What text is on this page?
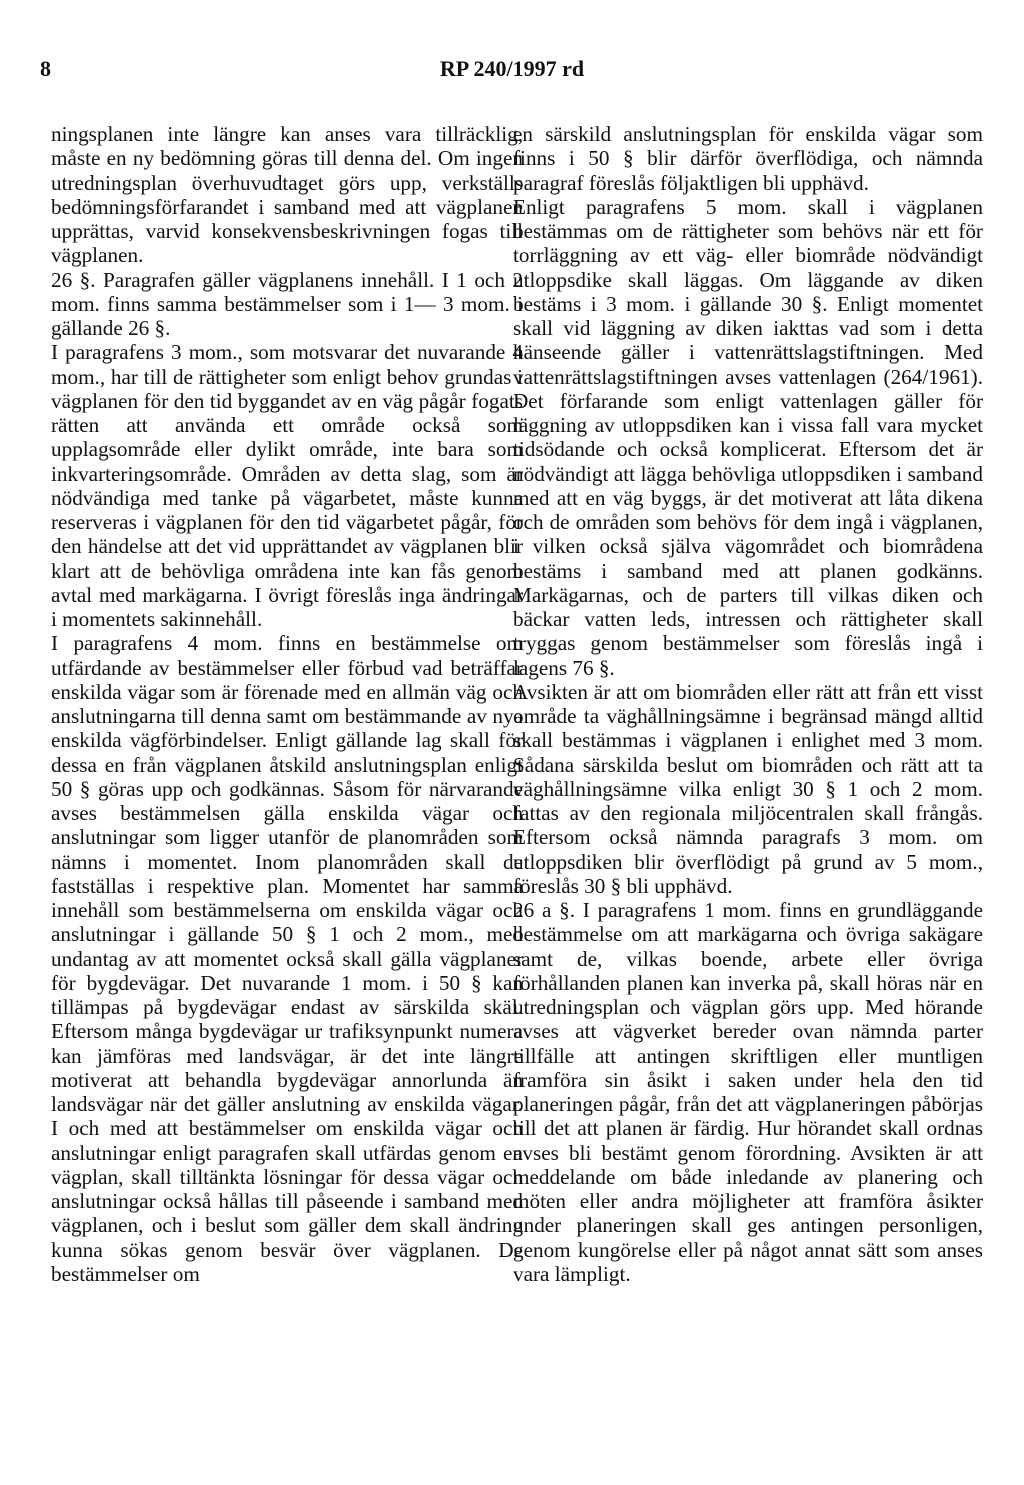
8	RP 240/1997 rd

ningsplanen inte längre kan anses vara tillräcklig, måste en ny bedömning göras till denna del. Om ingen utredningsplan överhuvudtaget görs upp, verkställs bedömningsförfarandet i samband med att vägplanen upprättas, varvid konsekvensbeskrivningen fogas till vägplanen.

26 §. Paragrafen gäller vägplanens innehåll. I 1 och 2 mom. finns samma bestämmelser som i 1— 3 mom. i gällande 26 §.

I paragrafens 3 mom., som motsvarar det nuvarande 4 mom., har till de rättigheter som enligt behov grundas i vägplanen för den tid byggandet av en väg pågår fogats rätten att använda ett område också som upplagsområde eller dylikt område, inte bara som inkvarteringsområde. Områden av detta slag, som är nödvändiga med tanke på vägarbetet, måste kunna reserveras i vägplanen för den tid vägarbetet pågår, för den händelse att det vid upprättandet av vägplanen blir klart att de behövliga områdena inte kan fås genom avtal med markägarna. I övrigt föreslås inga ändringar i momentets sakinnehåll.

I paragrafens 4 mom. finns en bestämmelse om utfärdande av bestämmelser eller förbud vad beträffar enskilda vägar som är förenade med en allmän väg och anslutningarna till denna samt om bestämmande av nya enskilda vägförbindelser. Enligt gällande lag skall för dessa en från vägplanen åtskild anslutningsplan enligt 50 § göras upp och godkännas. Såsom för närvarande avses bestämmelsen gälla enskilda vägar och anslutningar som ligger utanför de planområden som nämns i momentet. Inom planområden skall de fastställas i respektive plan. Momentet har samma innehåll som bestämmelserna om enskilda vägar och anslutningar i gällande 50 § 1 och 2 mom., med undantag av att momentet också skall gälla vägplaner för bygdevägar. Det nuvarande 1 mom. i 50 § kan tillämpas på bygdevägar endast av särskilda skäl. Eftersom många bygdevägar ur trafiksynpunkt numera kan jämföras med landsvägar, är det inte längre motiverat att behandla bygdevägar annorlunda än landsvägar när det gäller anslutning av enskilda vägar. I och med att bestämmelser om enskilda vägar och anslutningar enligt paragrafen skall utfärdas genom en vägplan, skall tilltänkta lösningar för dessa vägar och anslutningar också hållas till påseende i samband med vägplanen, och i beslut som gäller dem skall ändring kunna sökas genom besvär över vägplanen. De bestämmelser om

en särskild anslutningsplan för enskilda vägar som finns i 50 § blir därför överflödiga, och nämnda paragraf föreslås följaktligen bli upphävd.

Enligt paragrafens 5 mom. skall i vägplanen bestämmas om de rättigheter som behövs när ett för torrläggning av ett väg- eller biområde nödvändigt utloppsdike skall läggas. Om läggande av diken bestäms i 3 mom. i gällande 30 §. Enligt momentet skall vid läggning av diken iakttas vad som i detta hänseende gäller i vattenrättslagstiftningen. Med vattenrättslagstiftningen avses vattenlagen (264/1961). Det förfarande som enligt vattenlagen gäller för läggning av utloppsdiken kan i vissa fall vara mycket tidsödande och också komplicerat. Eftersom det är nödvändigt att lägga behövliga utloppsdiken i samband med att en väg byggs, är det motiverat att låta dikena och de områden som behövs för dem ingå i vägplanen, i vilken också själva vägområdet och biområdena bestäms i samband med att planen godkänns. Markägarnas, och de parters till vilkas diken och bäckar vatten leds, intressen och rättigheter skall tryggas genom bestämmelser som föreslås ingå i lagens 76 §.

Avsikten är att om biområden eller rätt att från ett visst område ta väghållningsämne i begränsad mängd alltid skall bestämmas i vägplanen i enlighet med 3 mom. Sådana särskilda beslut om biområden och rätt att ta väghållningsämne vilka enligt 30 § 1 och 2 mom. fattas av den regionala miljöcentralen skall frångås. Eftersom också nämnda paragrafs 3 mom. om utloppsdiken blir överflödigt på grund av 5 mom., föreslås 30 § bli upphävd.

26 a §. I paragrafens 1 mom. finns en grundläggande bestämmelse om att markägarna och övriga sakägare samt de, vilkas boende, arbete eller övriga förhållanden planen kan inverka på, skall höras när en utredningsplan och vägplan görs upp. Med hörande avses att vägverket bereder ovan nämnda parter tillfälle att antingen skriftligen eller muntligen framföra sin åsikt i saken under hela den tid planeringen pågår, från det att vägplaneringen påbörjas till det att planen är färdig. Hur hörandet skall ordnas avses bli bestämt genom förordning. Avsikten är att meddelande om både inledande av planering och möten eller andra möjligheter att framföra åsikter under planeringen skall ges antingen personligen, genom kungörelse eller på något annat sätt som anses vara lämpligt.
